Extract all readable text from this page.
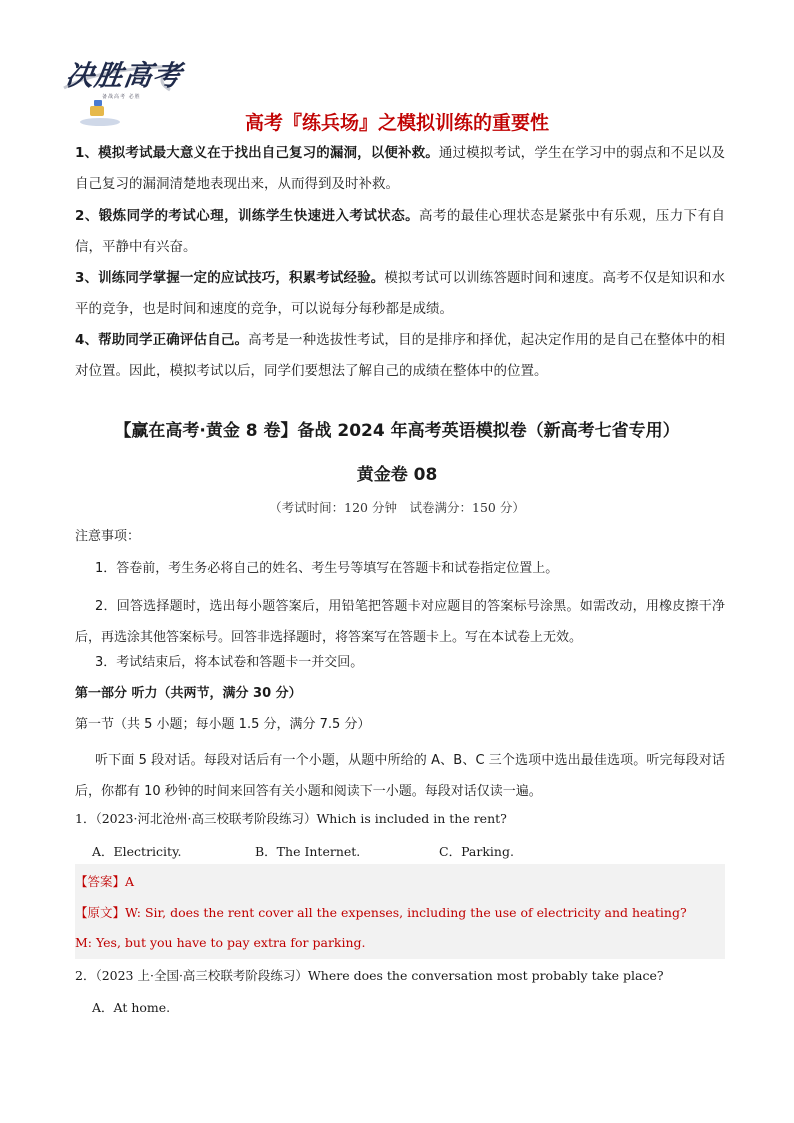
决胜高考
备战高考 必胜
高考『练兵场』之模拟训练的重要性
1、模拟考试最大意义在于找出自己复习的漏洞，以便补救。通过模拟考试，学生在学习中的弱点和不足以及自己复习的漏洞清楚地表现出来，从而得到及时补救。
2、锻炼同学的考试心理，训练学生快速进入考试状态。高考的最佳心理状态是紧张中有乐观，压力下有自信，平静中有兴奋。
3、训练同学掌握一定的应试技巧，积累考试经验。模拟考试可以训练答题时间和速度。高考不仅是知识和水平的竞争，也是时间和速度的竞争，可以说每分每秒都是成绩。
4、帮助同学正确评估自己。高考是一种选拔性考试，目的是排序和择优，起决定作用的是自己在整体中的相对位置。因此，模拟考试以后，同学们要想法了解自己的成绩在整体中的位置。
【赢在高考·黄金 8 卷】备战 2024 年高考英语模拟卷（新高考七省专用）
黄金卷 08
（考试时间：120 分钟　试卷满分：150 分）
注意事项：
1．答卷前，考生务必将自己的姓名、考生号等填写在答题卡和试卷指定位置上。
2．回答选择题时，选出每小题答案后，用铅笔把答题卡对应题目的答案标号涂黑。如需改动，用橡皮擦干净后，再选涂其他答案标号。回答非选择题时，将答案写在答题卡上。写在本试卷上无效。
3．考试结束后，将本试卷和答题卡一并交回。
第一部分 听力（共两节，满分 30 分）
第一节（共 5 小题；每小题 1.5 分，满分 7.5 分）
听下面 5 段对话。每段对话后有一个小题，从题中所给的 A、B、C 三个选项中选出最佳选项。听完每段对话后，你都有 10 秒钟的时间来回答有关小题和阅读下一小题。每段对话仅读一遍。
1．（2023·河北沧州·高三校联考阶段练习）Which is included in the rent?
A．Electricity.	B．The Internet.	C．Parking.
【答案】A
【原文】W: Sir, does the rent cover all the expenses, including the use of electricity and heating?
M: Yes, but you have to pay extra for parking.
2．（2023 上·全国·高三校联考阶段练习）Where does the conversation most probably take place?
A．At home.
